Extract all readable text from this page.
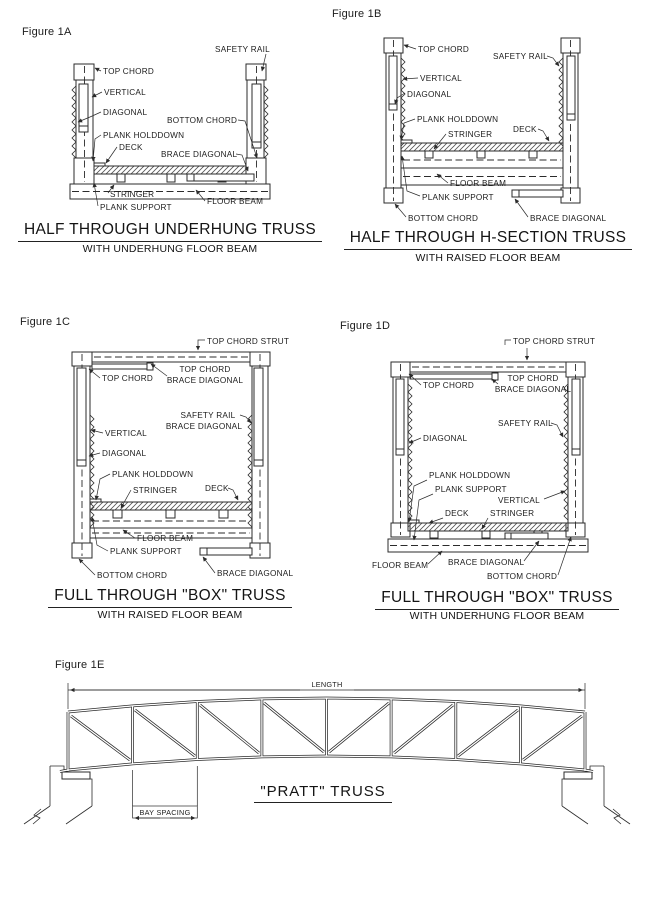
SAFETY RAIL
TOP CHORD
VERTICAL
DIAGONAL
BOTTOM CHORD
PLANK HOLDDOWN
DECK
BRACE DIAGONAL
STRINGER
PLANK SUPPORT
FLOOR BEAM
TOP CHORD
SAFETY RAIL
VERTICAL
DIAGONAL
PLANK HOLDDOWN
STRINGER
DECK
FLOOR BEAM
PLANK SUPPORT
BOTTOM CHORD	BRACE DIAGONAL
TOP CHORD STRUT
TOP CHORD
TOP CHORD
BRACE DIAGONAL
SAFETY RAIL
BRACE DIAGONAL
VERTICAL
DIAGONAL
PLANK HOLDDOWN
STRINGER	DECK
FLOOR BEAM
PLANK SUPPORT
BOTTOM CHORD	BRACE DIAGONAL
TOP CHORD STRUT
TOP CHORD
TOP CHORD
BRACE DIAGONAL
SAFETY RAIL
DIAGONAL
PLANK HOLDDOWN
PLANK SUPPORT
VERTICAL
DECK	STRINGER
FLOOR BEAM BRACE DIAGONAL
BOTTOM CHORD
LENGTH
BAY SPACING
Figure 1A
Figure 1B
Figure 1C	Figure 1D
Figure 1E
HALF THROUGH UNDERHUNG TRUSS
WITH UNDERHUNG FLOOR BEAM
HALF THROUGH H-SECTION TRUSS
WITH RAISED FLOOR BEAM
FULL THROUGH "BOX" TRUSS
WITH RAISED FLOOR BEAM
FULL THROUGH "BOX" TRUSS
WITH UNDERHUNG FLOOR BEAM
"PRATT" TRUSS
